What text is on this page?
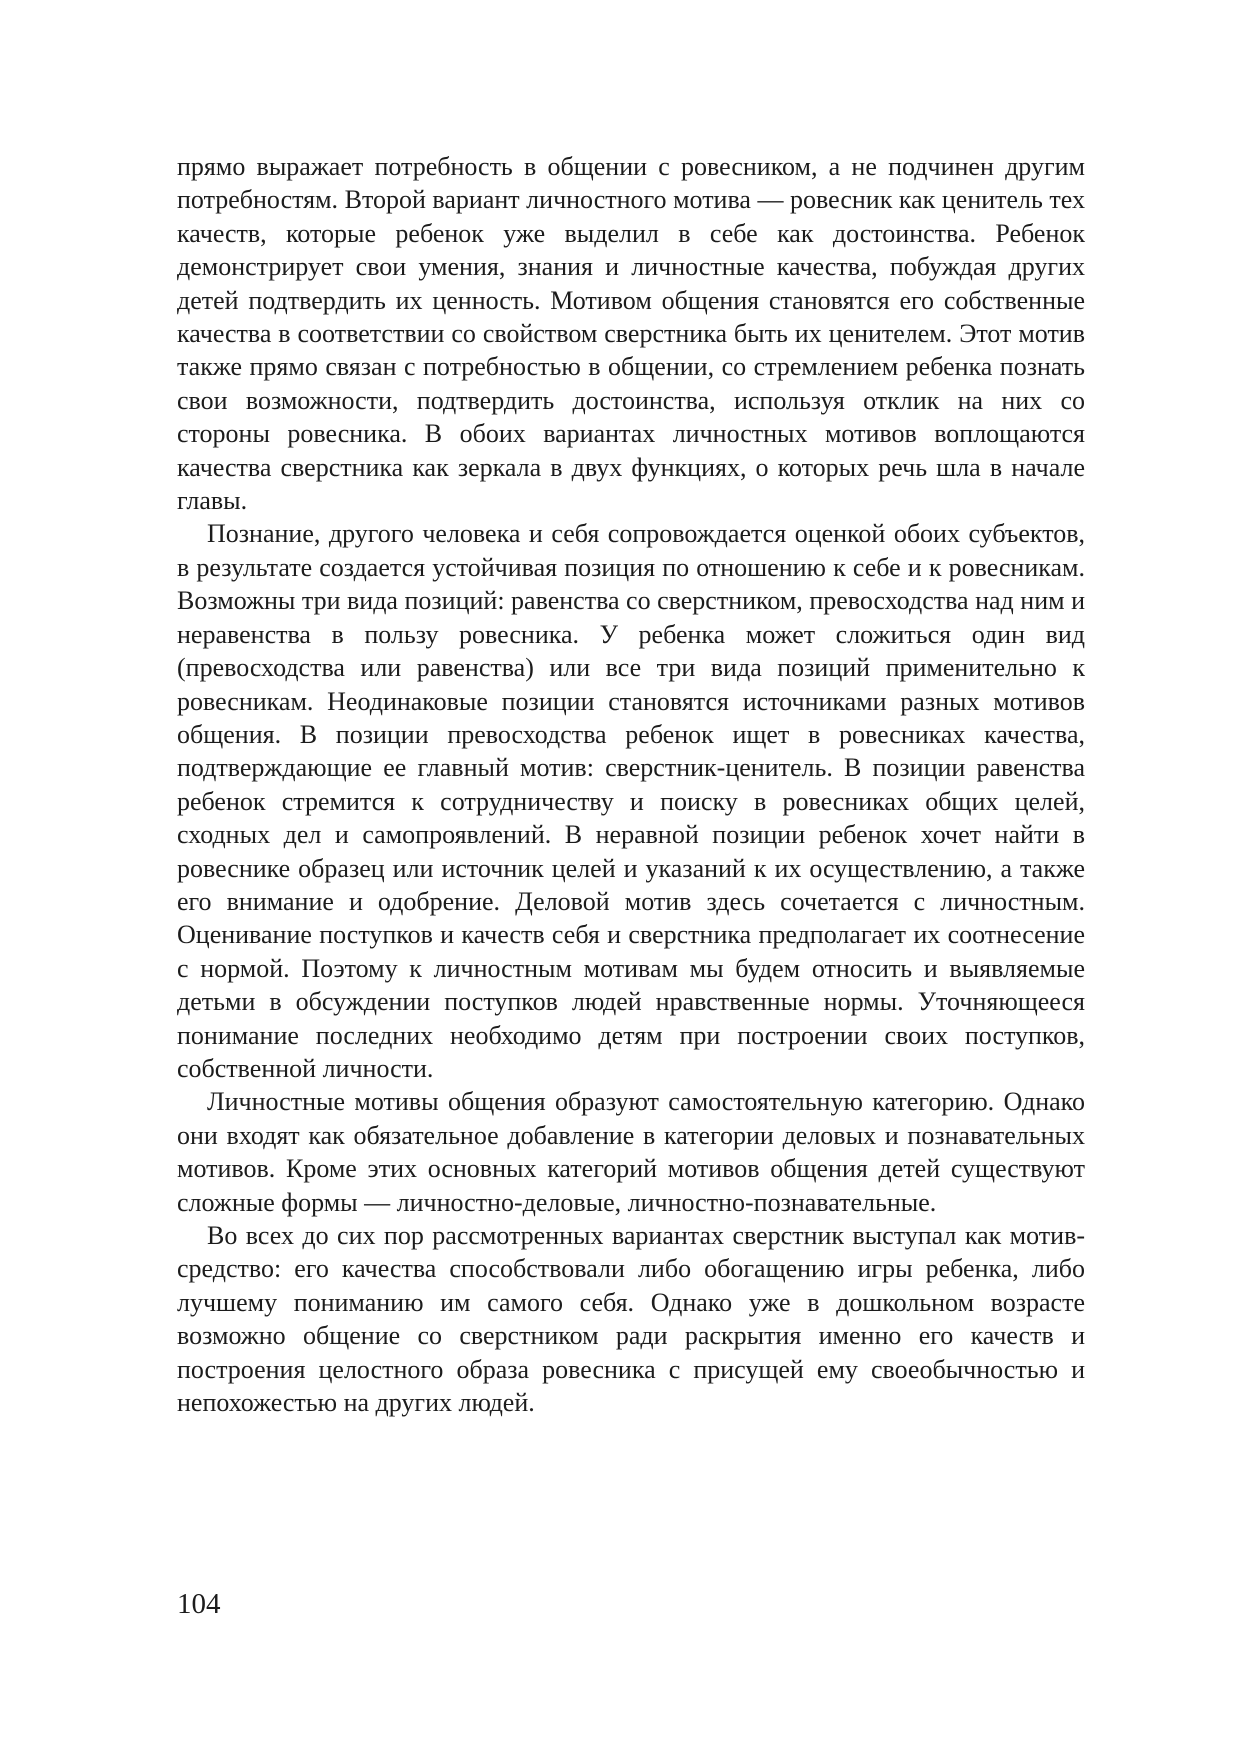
прямо выражает потребность в общении с ровесником, а не подчинен другим потребностям. Второй вариант личностного мотива — ровесник как ценитель тех качеств, которые ребенок уже выделил в себе как достоинства. Ребенок демонстрирует свои умения, знания и личностные качества, побуждая других детей подтвердить их ценность. Мотивом общения становятся его собственные качества в соответствии со свойством сверстника быть их ценителем. Этот мотив также прямо связан с потребностью в общении, со стремлением ребенка познать свои возможности, подтвердить достоинства, используя отклик на них со стороны ровесника. В обоих вариантах личностных мотивов воплощаются качества сверстника как зеркала в двух функциях, о которых речь шла в начале главы.

Познание, другого человека и себя сопровождается оценкой обоих субъектов, в результате создается устойчивая позиция по отношению к себе и к ровесникам. Возможны три вида позиций: равенства со сверстником, превосходства над ним и неравенства в пользу ровесника. У ребенка может сложиться один вид (превосходства или равенства) или все три вида позиций применительно к ровесникам. Неодинаковые позиции становятся источниками разных мотивов общения. В позиции превосходства ребенок ищет в ровесниках качества, подтверждающие ее главный мотив: сверстник-ценитель. В позиции равенства ребенок стремится к сотрудничеству и поиску в ровесниках общих целей, сходных дел и самопроявлений. В неравной позиции ребенок хочет найти в ровеснике образец или источник целей и указаний к их осуществлению, а также его внимание и одобрение. Деловой мотив здесь сочетается с личностным. Оценивание поступков и качеств себя и сверстника предполагает их соотнесение с нормой. Поэтому к личностным мотивам мы будем относить и выявляемые детьми в обсуждении поступков людей нравственные нормы. Уточняющееся понимание последних необходимо детям при построении своих поступков, собственной личности.

Личностные мотивы общения образуют самостоятельную категорию. Однако они входят как обязательное добавление в категории деловых и познавательных мотивов. Кроме этих основных категорий мотивов общения детей существуют сложные формы — личностно-деловые, личностно-познавательные.

Во всех до сих пор рассмотренных вариантах сверстник выступал как мотив-средство: его качества способствовали либо обогащению игры ребенка, либо лучшему пониманию им самого себя. Однако уже в дошкольном возрасте возможно общение со сверстником ради раскрытия именно его качеств и построения целостного образа ровесника с присущей ему своеобычностью и непохожестью на других людей.

104
